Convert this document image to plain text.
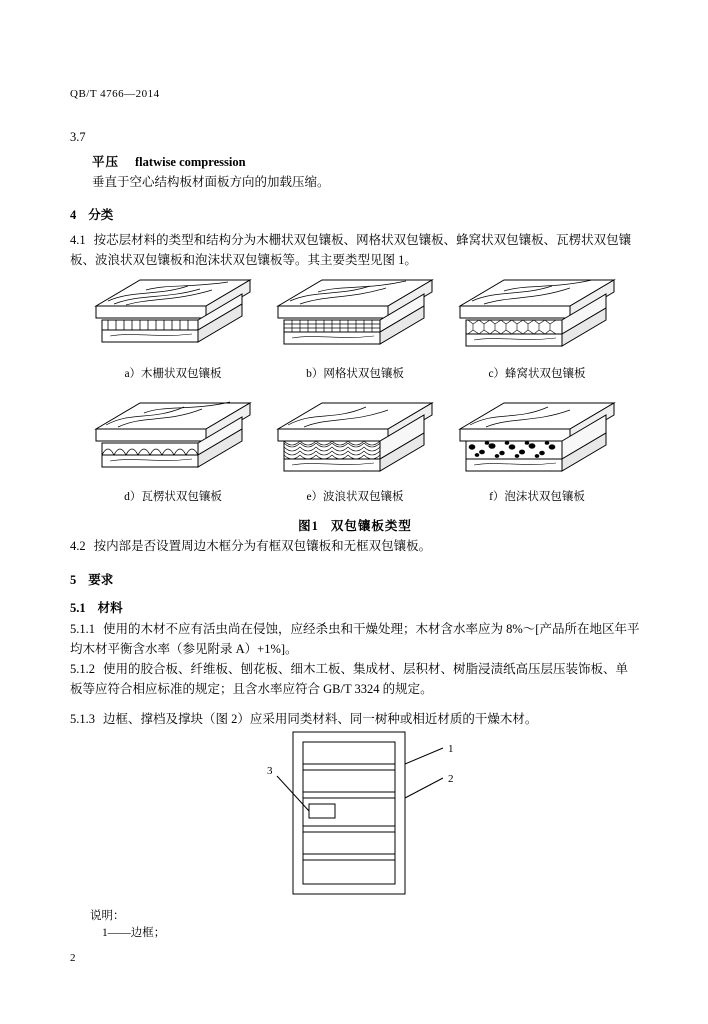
QB/T 4766—2014
3.7
平压 flatwise compression
垂直于空心结构板材面板方向的加载压缩。
4 分类
4.1 按芯层材料的类型和结构分为木栅状双包镶板、网格状双包镶板、蜂窝状双包镶板、瓦楞状双包镶板、波浪状双包镶板和泡沫状双包镶板等。其主要类型见图 1。
a）木栅状双包镶板	b）网格状双包镶板	c）蜂窝状双包镶板
d）瓦楞状双包镶板	e）波浪状双包镶板	f）泡沫状双包镶板
图1 双包镶板类型
4.2 按内部是否设置周边木框分为有框双包镶板和无框双包镶板。
5 要求
5.1 材料
5.1.1 使用的木材不应有活虫尚在侵蚀，应经杀虫和干燥处理；木材含水率应为 8%～[产品所在地区年平均木材平衡含水率（参见附录 A）+1%]。
5.1.2 使用的胶合板、纤维板、刨花板、细木工板、集成材、层积材、树脂浸渍纸高压层压装饰板、单板等应符合相应标准的规定；且含水率应符合 GB/T 3324 的规定。
5.1.3 边框、撑档及撑块（图 2）应采用同类材料、同一树种或相近材质的干燥木材。
1
2
3
说明：
1——边框；
2
